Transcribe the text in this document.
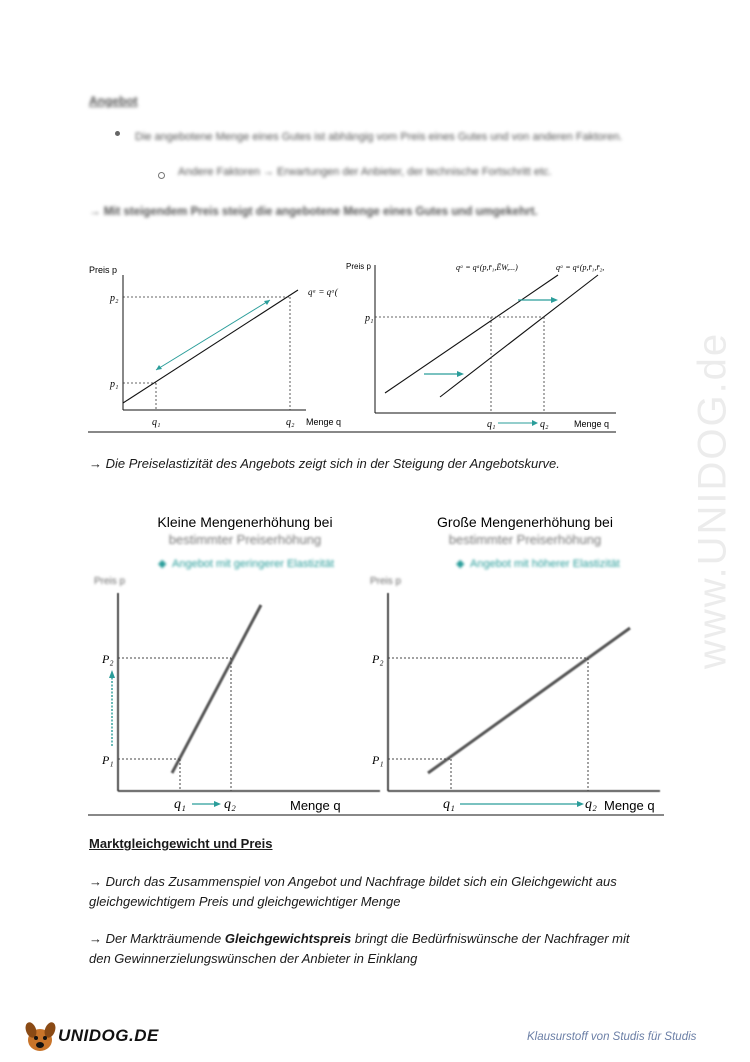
Angebot
Die angebotene Menge eines Gutes ist abhängig vom Preis eines Gutes und von anderen Faktoren.
Andere Faktoren → Erwartungen der Anbieter, der technische Fortschritt etc.
→ Mit steigendem Preis steigt die angebotene Menge eines Gutes und umgekehrt.
www.UNIDOG.de
Preis p
Menge q
p₂
p₁
q₁	q₂
qᵃ = qᵃ(
Preis p
Menge q
p₁
q₁	q₂
qᵃ = qᵃ(p,r̄₁,ĒW,...)	qᵃ = qᵃ(p,r̄₁,r̄₂,
→ Die Preiselastizität des Angebots zeigt sich in der Steigung der Angebotskurve.
Kleine Mengenerhöhung bei
bestimmter Preiserhöhung
◆ Angebot mit geringerer Elastizität
Preis p
P₂
P₁
q₁	q₂	Menge q
Große Mengenerhöhung bei
bestimmter Preiserhöhung
◆ Angebot mit höherer Elastizität
Preis p
P₂
P₁
q₁	q₂ Menge q
Marktgleichgewicht und Preis
→ Durch das Zusammenspiel von Angebot und Nachfrage bildet sich ein Gleichgewicht aus
gleichgewichtigem Preis und gleichgewichtiger Menge
→ Der Markträumende Gleichgewichtspreis bringt die Bedürfniswünsche der Nachfrager mit
den Gewinnerzielungswünschen der Anbieter in Einklang
UNIDOG.DE	Klausurstoff von Studis für Studis
